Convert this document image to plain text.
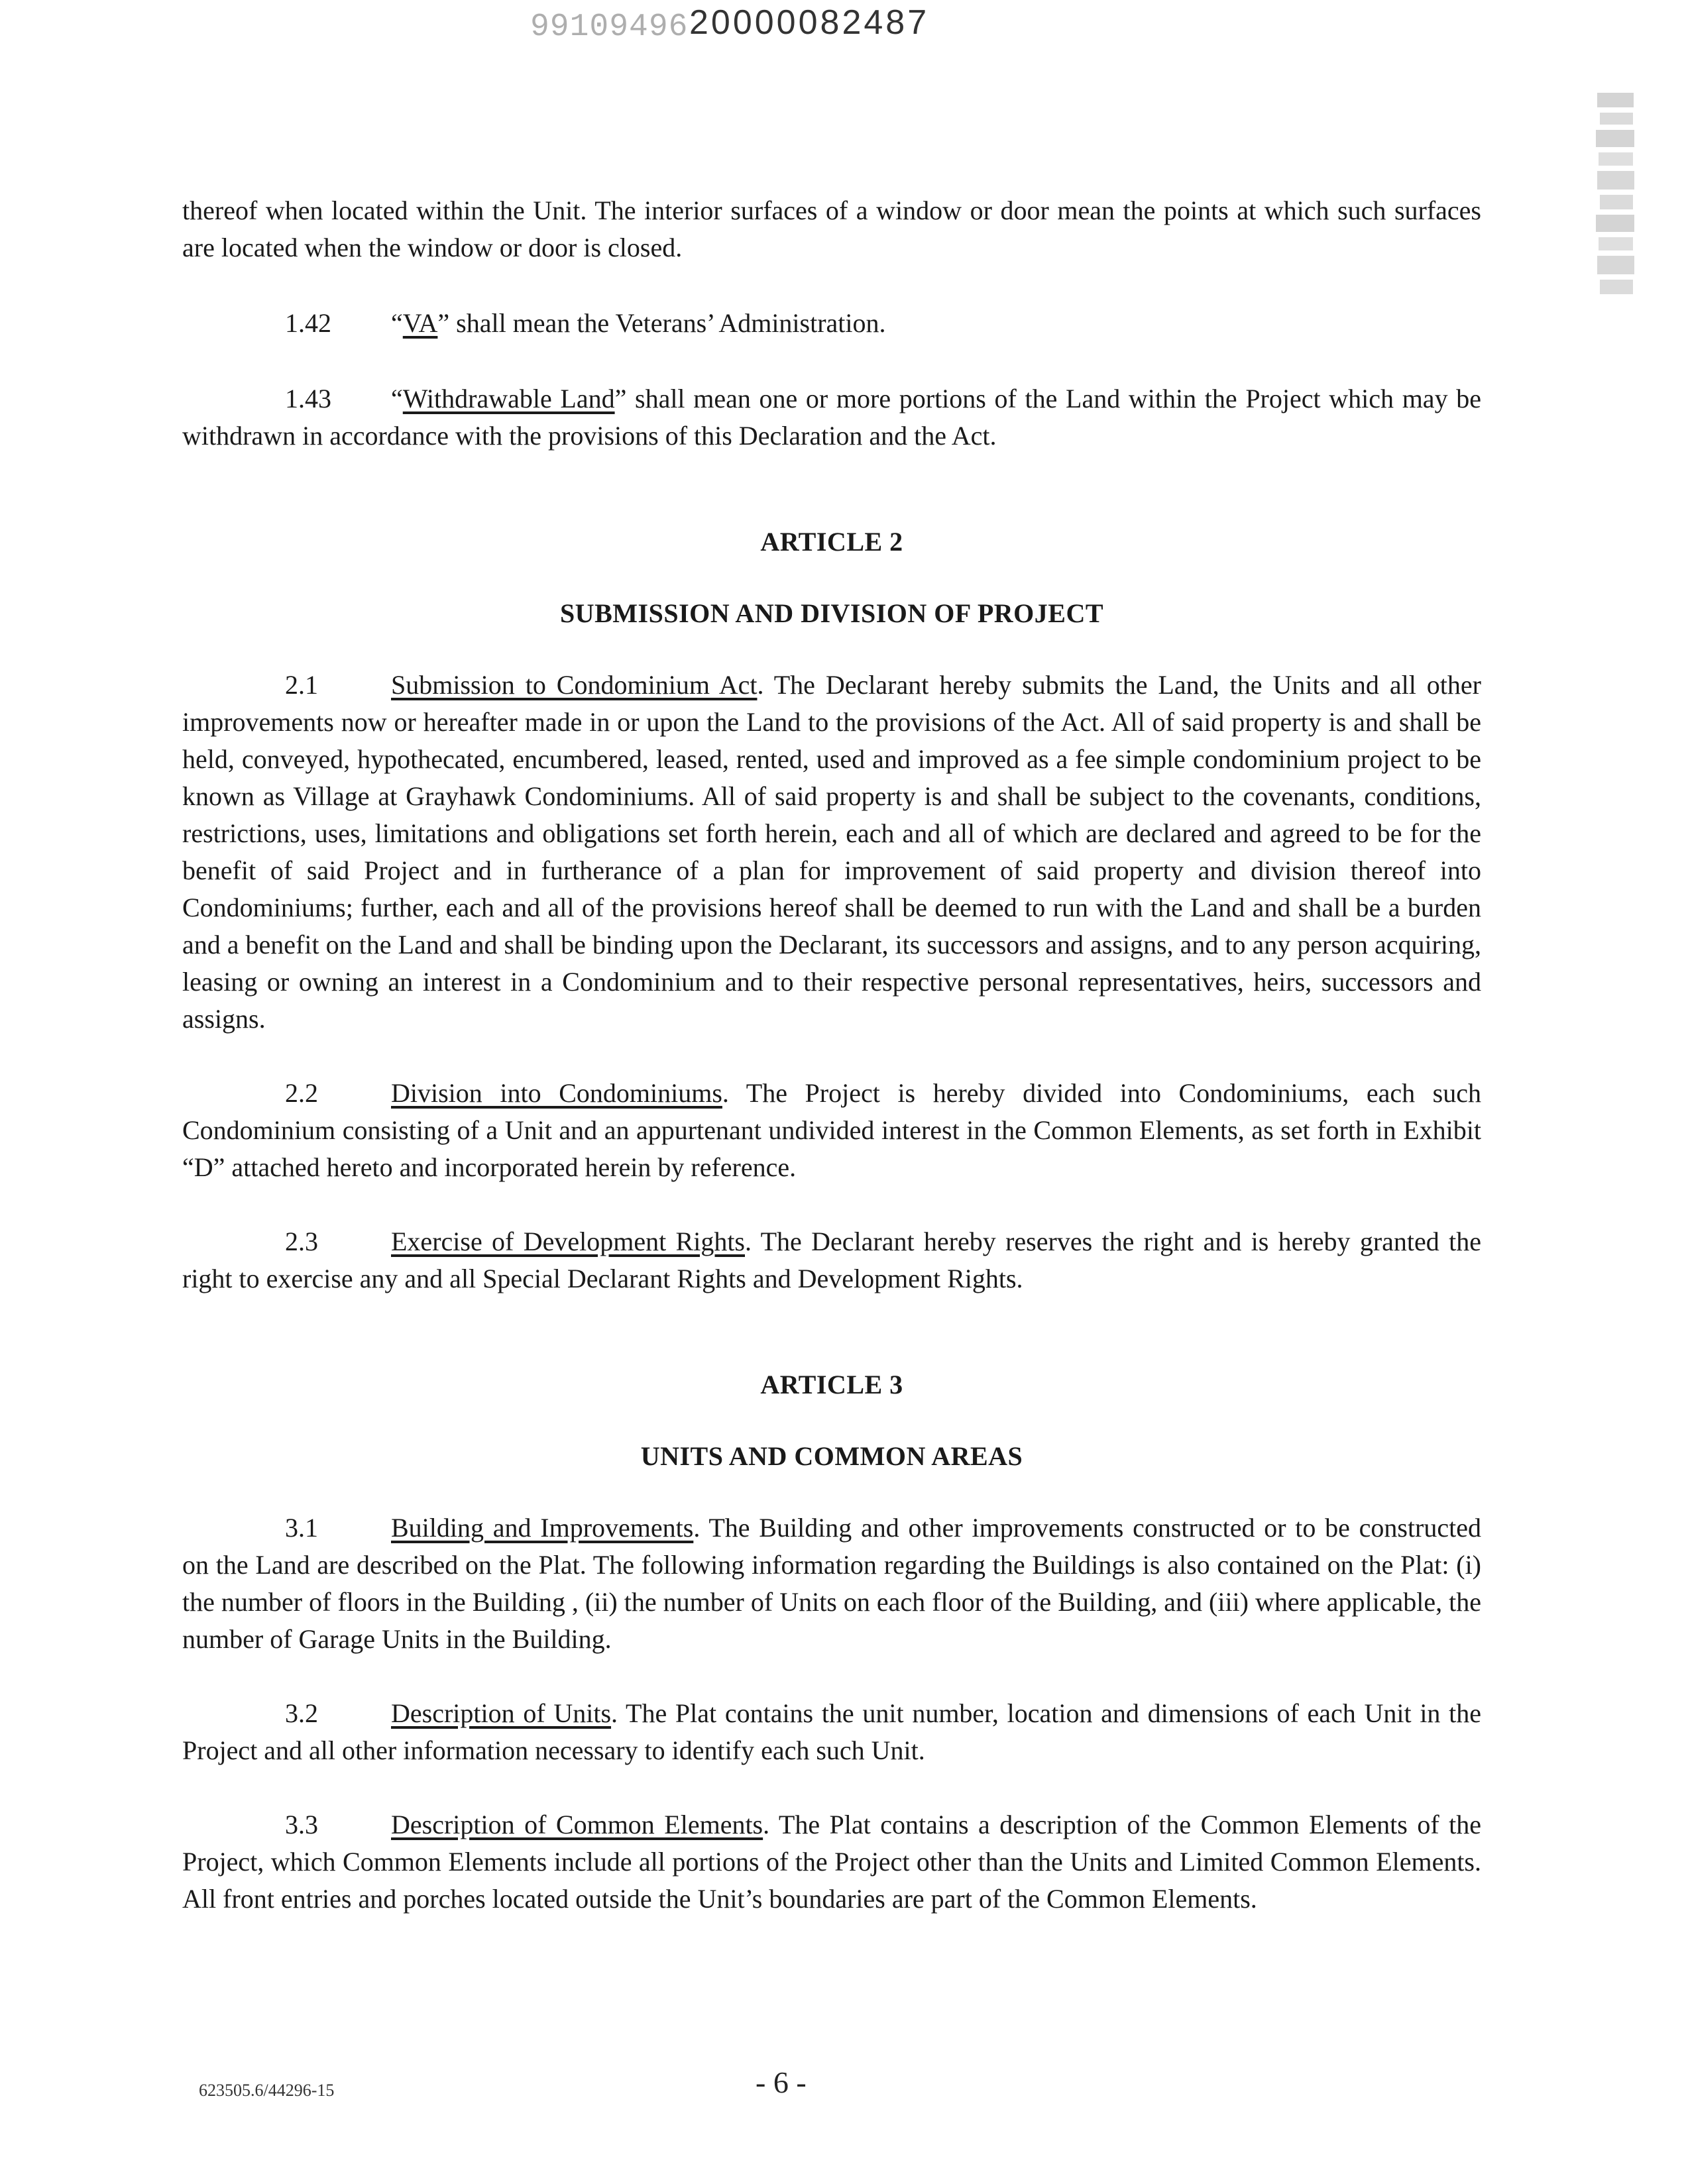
99109496 20000082487

thereof when located within the Unit. The interior surfaces of a window or door mean the points at which such surfaces are located when the window or door is closed.

1.42 “VA” shall mean the Veterans’ Administration.

1.43 “Withdrawable Land” shall mean one or more portions of the Land within the Project which may be withdrawn in accordance with the provisions of this Declaration and the Act.

ARTICLE 2
SUBMISSION AND DIVISION OF PROJECT

2.1	Submission to Condominium Act. The Declarant hereby submits the Land, the Units and all other improvements now or hereafter made in or upon the Land to the provisions of the Act. All of said property is and shall be held, conveyed, hypothecated, encumbered, leased, rented, used and improved as a fee simple condominium project to be known as Village at Grayhawk Condominiums. All of said property is and shall be subject to the covenants, conditions, restrictions, uses, limitations and obligations set forth herein, each and all of which are declared and agreed to be for the benefit of said Project and in furtherance of a plan for improvement of said property and division thereof into Condominiums; further, each and all of the provisions hereof shall be deemed to run with the Land and shall be a burden and a benefit on the Land and shall be binding upon the Declarant, its successors and assigns, and to any person acquiring, leasing or owning an interest in a Condominium and to their respective personal representatives, heirs, successors and assigns.

2.2	Division into Condominiums. The Project is hereby divided into Condominiums, each such Condominium consisting of a Unit and an appurtenant undivided interest in the Common Elements, as set forth in Exhibit “D” attached hereto and incorporated herein by reference.

2.3	Exercise of Development Rights. The Declarant hereby reserves the right and is hereby granted the right to exercise any and all Special Declarant Rights and Development Rights.

ARTICLE 3
UNITS AND COMMON AREAS

3.1	Building and Improvements. The Building and other improvements constructed or to be constructed on the Land are described on the Plat. The following information regarding the Buildings is also contained on the Plat: (i) the number of floors in the Building , (ii) the number of Units on each floor of the Building, and (iii) where applicable, the number of Garage Units in the Building.

3.2	Description of Units. The Plat contains the unit number, location and dimensions of each Unit in the Project and all other information necessary to identify each such Unit.

3.3	Description of Common Elements. The Plat contains a description of the Common Elements of the Project, which Common Elements include all portions of the Project other than the Units and Limited Common Elements. All front entries and porches located outside the Unit’s boundaries are part of the Common Elements.

623505.6/44296-15	- 6 -
